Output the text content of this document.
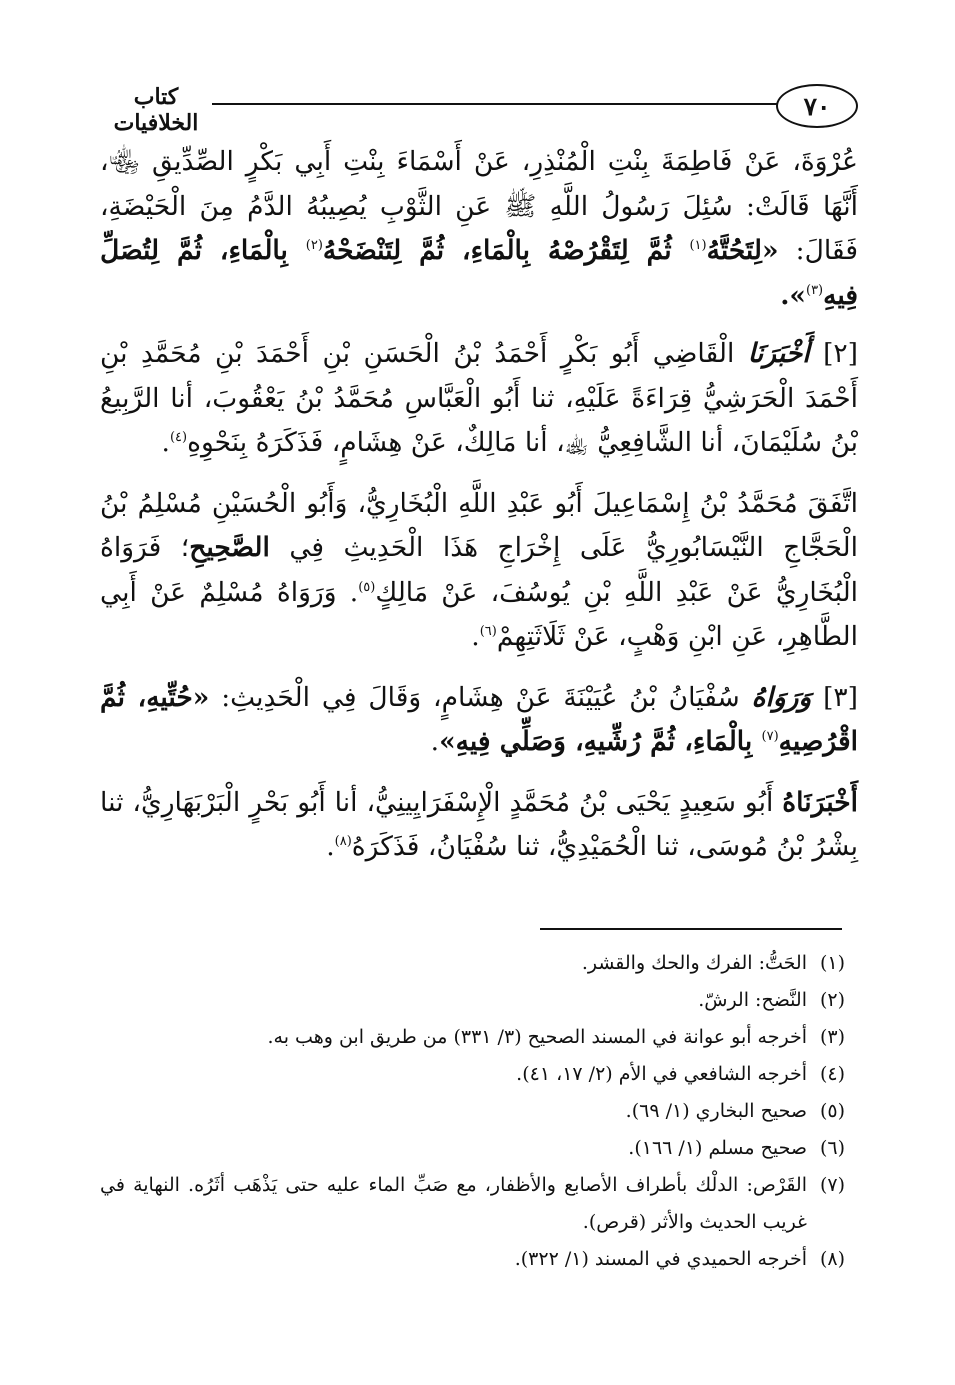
٧٠
كتاب الخلافيات

عُرْوَةَ، عَنْ فَاطِمَةَ بِنْتِ الْمُنْذِرِ، عَنْ أَسْمَاءَ بِنْتِ أَبِي بَكْرٍ الصِّدِّيقِ ﵄، أَنَّهَا قَالَتْ: سُئِلَ رَسُولُ اللَّهِ ﷺ عَنِ الثَّوْبِ يُصِيبُهُ الدَّمُ مِنَ الْحَيْضَةِ، فَقَالَ: «لِتَحُتَّهُ$^{(١)}$ ثُمَّ لِتَقْرُصْهُ بِالْمَاءِ، ثُمَّ لِتَنْضَحْهُ$^{(٢)}$ بِالْمَاءِ، ثُمَّ لِتُصَلِّ فِيهِ$^{(٣)}$».

[٢] أَخْبَرَنَا الْقَاضِي أَبُو بَكْرٍ أَحْمَدُ بْنُ الْحَسَنِ بْنِ أَحْمَدَ بْنِ مُحَمَّدِ بْنِ أَحْمَدَ الْحَرَشِيُّ قِرَاءَةً عَلَيْهِ، ثنا أَبُو الْعَبَّاسِ مُحَمَّدُ بْنُ يَعْقُوبَ، أنا الرَّبِيعُ بْنُ سُلَيْمَانَ، أنا الشَّافِعِيُّ ﵀، أنا مَالِكٌ، عَنْ هِشَامٍ، فَذَكَرَهُ بِنَحْوِهِ$^{(٤)}$.

اتَّفَقَ مُحَمَّدُ بْنُ إِسْمَاعِيلَ أَبُو عَبْدِ اللَّهِ الْبُخَارِيُّ، وَأَبُو الْحُسَيْنِ مُسْلِمُ بْنُ الْحَجَّاجِ النَّيْسَابُورِيُّ عَلَى إِخْرَاجِ هَذَا الْحَدِيثِ فِي الصَّحِيحِ؛ فَرَوَاهُ الْبُخَارِيُّ عَنْ عَبْدِ اللَّهِ بْنِ يُوسُفَ، عَنْ مَالِكٍ$^{(٥)}$. وَرَوَاهُ مُسْلِمٌ عَنْ أَبِي الطَّاهِرِ، عَنِ ابْنِ وَهْبٍ، عَنْ ثَلَاثَتِهِمْ$^{(٦)}$.

[٣] وَرَوَاهُ سُفْيَانُ بْنُ عُيَيْنَةَ عَنْ هِشَامٍ، وَقَالَ فِي الْحَدِيثِ: «حُتِّيهِ، ثُمَّ اقْرُصِيهِ$^{(٧)}$ بِالْمَاءِ، ثُمَّ رُشِّيهِ، وَصَلِّي فِيهِ».

أَخْبَرَنَاهُ أَبُو سَعِيدٍ يَحْيَى بْنُ مُحَمَّدٍ الْإِسْفَرَايِينِيُّ، أنا أَبُو بَحْرٍ الْبَرْبَهَارِيُّ، ثنا بِشْرُ بْنُ مُوسَى، ثنا الْحُمَيْدِيُّ، ثنا سُفْيَانُ، فَذَكَرَهُ$^{(٨)}$.

(١)
الحَتُّ: الفرك والحك والقشر.

(٢)
النَّضح: الرشّ.

(٣)
أخرجه أبو عوانة في المسند الصحيح (٣/ ٣٣١) من طريق ابن وهب به.

(٤)
أخرجه الشافعي في الأم (٢/ ١٧، ٤١).

(٥)
صحيح البخاري (١/ ٦٩).

(٦)
صحيح مسلم (١/ ١٦٦).

(٧)
القَرْص: الدلْك بأطراف الأصابع والأظفار، مع صَبِّ الماء عليه حتى يَذْهَب أثَرُه. النهاية في غريب الحديث والأثر (قرص).

(٨)
أخرجه الحميدي في المسند (١/ ٣٢٢).
